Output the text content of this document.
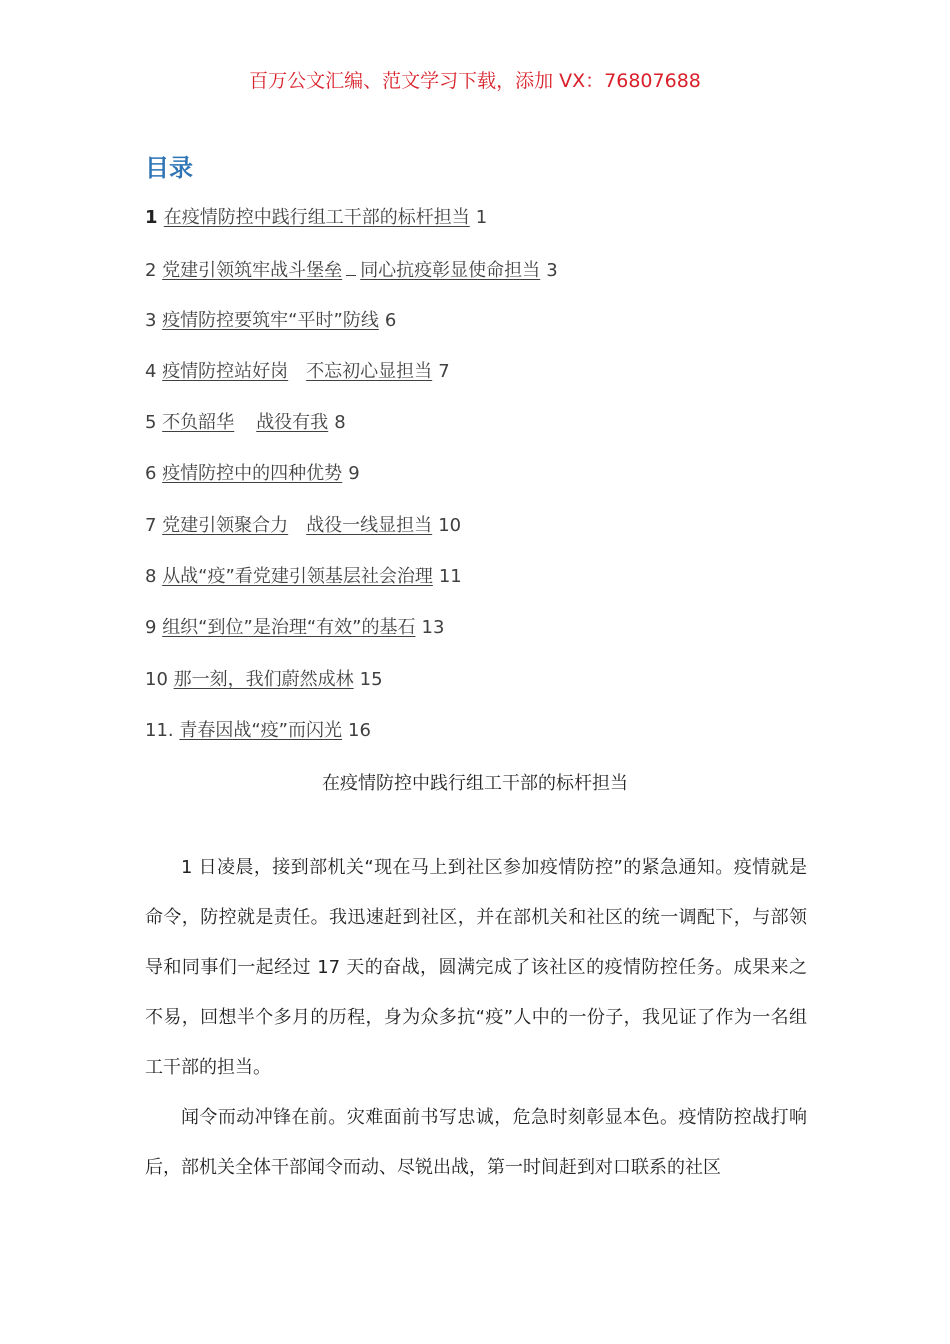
百万公文汇编、范文学习下载，添加 VX：76807688
目录
1 在疫情防控中践行组工干部的标杆担当 1
2 党建引领筑牢战斗堡垒 同心抗疫彰显使命担当 3
3 疫情防控要筑牢“平时”防线 6
4 疫情防控站好岗 不忘初心显担当 7
5 不负韶华 战役有我 8
6 疫情防控中的四种优势 9
7 党建引领聚合力 战役一线显担当 10
8 从战“疫”看党建引领基层社会治理 11
9 组织“到位”是治理“有效”的基石 13
10 那一刻，我们蔚然成林 15
11. 青春因战“疫”而闪光 16
在疫情防控中践行组工干部的标杆担当

1 日凌晨，接到部机关“现在马上到社区参加疫情防控”的紧急通知。疫情就是命令，防控就是责任。我迅速赶到社区，并在部机关和社区的统一调配下，与部领导和同事们一起经过 17 天的奋战，圆满完成了该社区的疫情防控任务。成果来之不易，回想半个多月的历程，身为众多抗“疫”人中的一份子，我见证了作为一名组工干部的担当。

闻令而动冲锋在前。灾难面前书写忠诚，危急时刻彰显本色。疫情防控战打响后，部机关全体干部闻令而动、尽锐出战，第一时间赶到对口联系的社区
